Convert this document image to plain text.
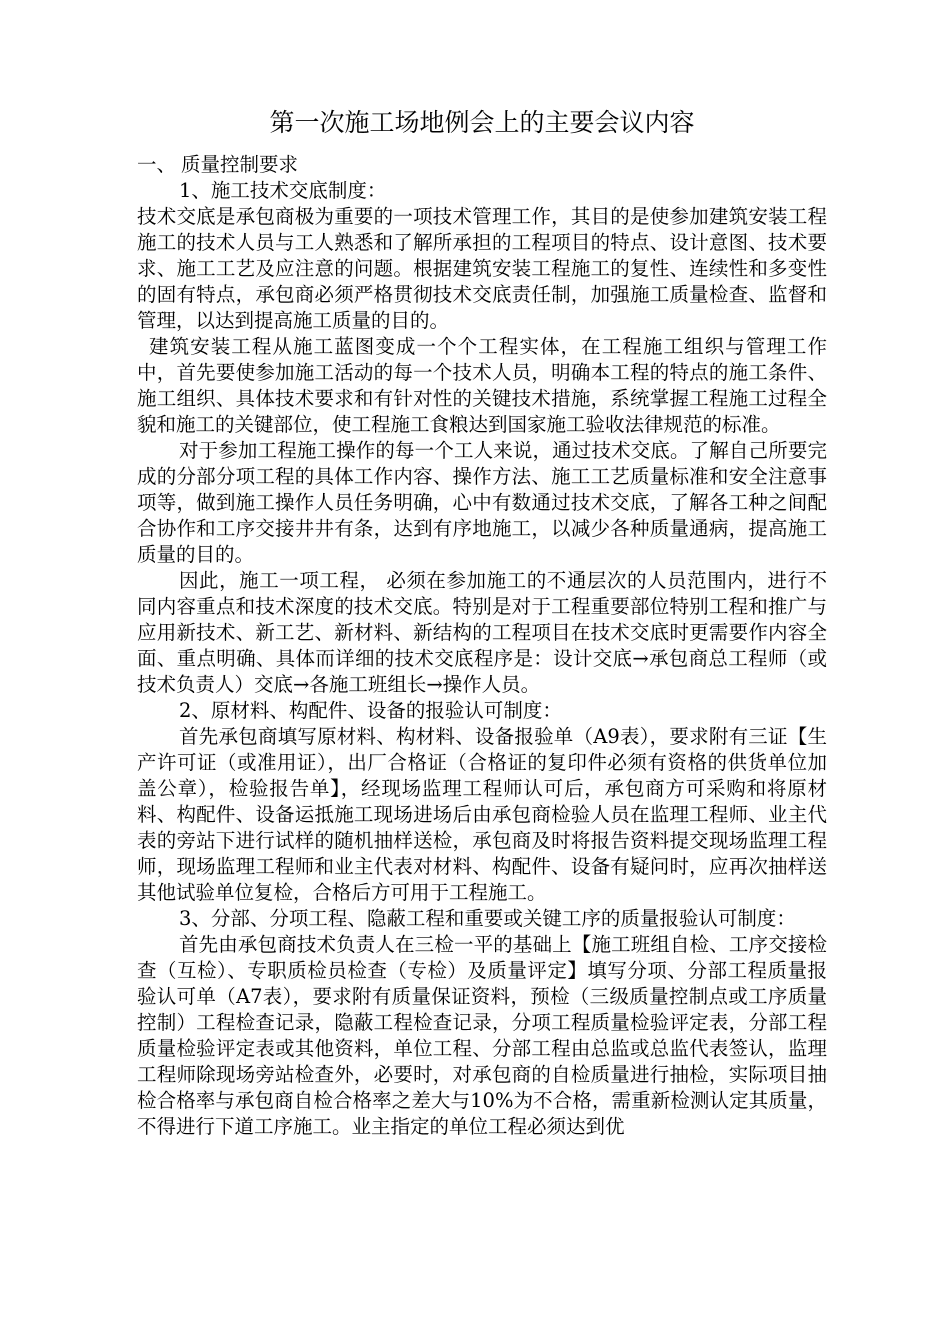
第一次施工场地例会上的主要会议内容

一、 质量控制要求

1、施工技术交底制度：

技术交底是承包商极为重要的一项技术管理工作，其目的是使参加建筑安装工程施工的技术人员与工人熟悉和了解所承担的工程项目的特点、设计意图、技术要求、施工工艺及应注意的问题。根据建筑安装工程施工的复性、连续性和多变性的固有特点，承包商必须严格贯彻技术交底责任制，加强施工质量检查、监督和管理，以达到提高施工质量的目的。

建筑安装工程从施工蓝图变成一个个工程实体，在工程施工组织与管理工作中，首先要使参加施工活动的每一个技术人员，明确本工程的特点的施工条件、施工组织、具体技术要求和有针对性的关键技术措施，系统掌握工程施工过程全貌和施工的关键部位，使工程施工食粮达到国家施工验收法律规范的标准。

对于参加工程施工操作的每一个工人来说，通过技术交底。了解自己所要完成的分部分项工程的具体工作内容、操作方法、施工工艺质量标准和安全注意事项等，做到施工操作人员任务明确，心中有数通过技术交底，了解各工种之间配合协作和工序交接井井有条，达到有序地施工，以减少各种质量通病，提高施工质量的目的。

因此，施工一项工程， 必须在参加施工的不通层次的人员范围内，进行不同内容重点和技术深度的技术交底。特别是对于工程重要部位特别工程和推广与应用新技术、新工艺、新材料、新结构的工程项目在技术交底时更需要作内容全面、重点明确、具体而详细的技术交底程序是：设计交底→承包商总工程师（或技术负责人）交底→各施工班组长→操作人员。

2、原材料、构配件、设备的报验认可制度：

首先承包商填写原材料、构材料、设备报验单（A9表），要求附有三证【生产许可证（或准用证），出厂合格证（合格证的复印件必须有资格的供货单位加盖公章），检验报告单】，经现场监理工程师认可后，承包商方可采购和将原材料、构配件、设备运抵施工现场进场后由承包商检验人员在监理工程师、业主代表的旁站下进行试样的随机抽样送检，承包商及时将报告资料提交现场监理工程师，现场监理工程师和业主代表对材料、构配件、设备有疑问时，应再次抽样送其他试验单位复检，合格后方可用于工程施工。

3、分部、分项工程、隐蔽工程和重要或关键工序的质量报验认可制度：

首先由承包商技术负责人在三检一平的基础上【施工班组自检、工序交接检查（互检）、专职质检员检查（专检）及质量评定】填写分项、分部工程质量报验认可单（A7表），要求附有质量保证资料，预检（三级质量控制点或工序质量控制）工程检查记录，隐蔽工程检查记录，分项工程质量检验评定表，分部工程质量检验评定表或其他资料，单位工程、分部工程由总监或总监代表签认，监理工程师除现场旁站检查外，必要时，对承包商的自检质量进行抽检，实际项目抽检合格率与承包商自检合格率之差大与10%为不合格，需重新检测认定其质量，不得进行下道工序施工。业主指定的单位工程必须达到优
